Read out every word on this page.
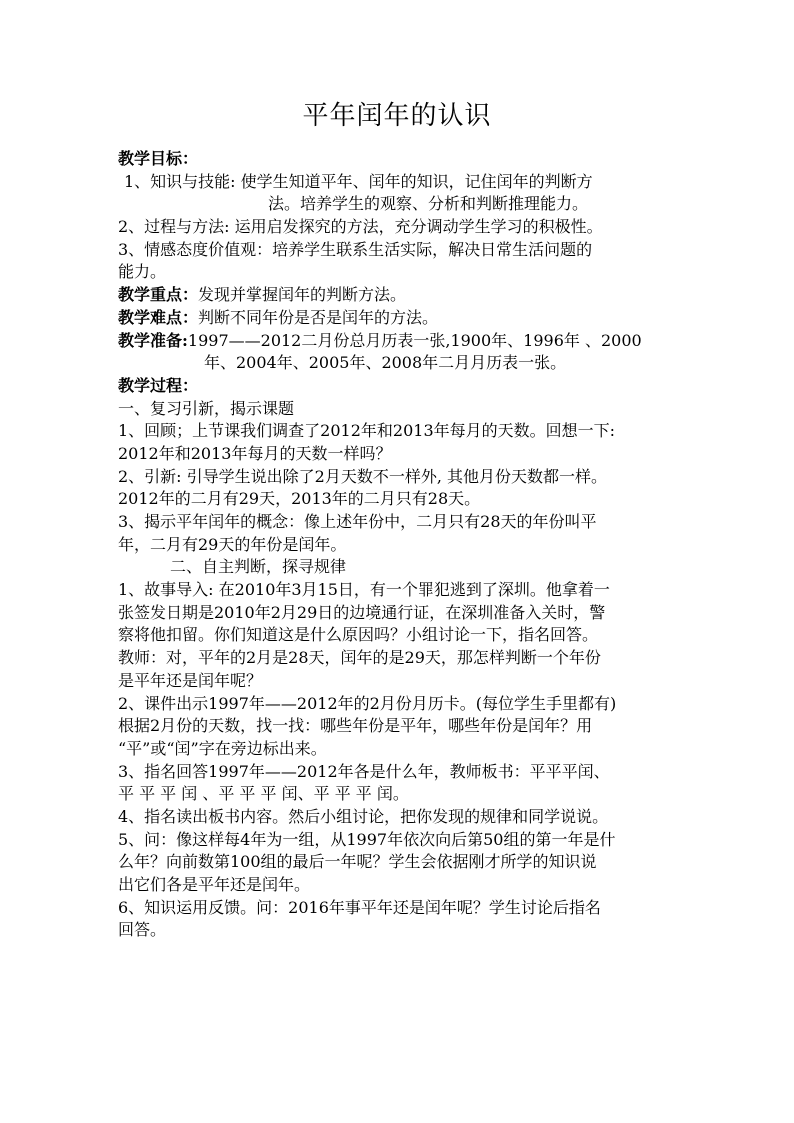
平年闰年的认识
教学目标：
1、知识与技能: 使学生知道平年、闰年的知识，记住闰年的判断方
法。培养学生的观察、分析和判断推理能力。
2、过程与方法: 运用启发探究的方法，充分调动学生学习的积极性。
3、情感态度价值观：培养学生联系生活实际，解决日常生活问题的
能力。
教学重点：发现并掌握闰年的判断方法。
教学难点：判断不同年份是否是闰年的方法。
教学准备:1997——2012二月份总月历表一张,1900年、1996年 、2000
年、2004年、2005年、2008年二月月历表一张。
教学过程：
一、复习引新，揭示课题
1、回顾；上节课我们调查了2012年和2013年每月的天数。回想一下:
2012年和2013年每月的天数一样吗？
2、引新: 引导学生说出除了2月天数不一样外, 其他月份天数都一样。
2012年的二月有29天，2013年的二月只有28天。
3、揭示平年闰年的概念：像上述年份中，二月只有28天的年份叫平
年，二月有29天的年份是闰年。
二、自主判断，探寻规律
1、故事导入: 在2010年3月15日，有一个罪犯逃到了深圳。他拿着一
张签发日期是2010年2月29日的边境通行证，在深圳准备入关时，警
察将他扣留。你们知道这是什么原因吗？小组讨论一下，指名回答。
教师：对，平年的2月是28天，闰年的是29天，那怎样判断一个年份
是平年还是闰年呢？
2、课件出示1997年——2012年的2月份月历卡。(每位学生手里都有)
根据2月份的天数，找一找：哪些年份是平年，哪些年份是闰年？用
“平”或“闰”字在旁边标出来。
3、指名回答1997年——2012年各是什么年，教师板书：平平平闰、
平 平 平 闰 、平 平 平 闰、平 平 平 闰。
4、指名读出板书内容。然后小组讨论，把你发现的规律和同学说说。
5、问：像这样每4年为一组，从1997年依次向后第50组的第一年是什
么年？向前数第100组的最后一年呢？学生会依据刚才所学的知识说
出它们各是平年还是闰年。
6、知识运用反馈。问：2016年事平年还是闰年呢？学生讨论后指名
回答。
